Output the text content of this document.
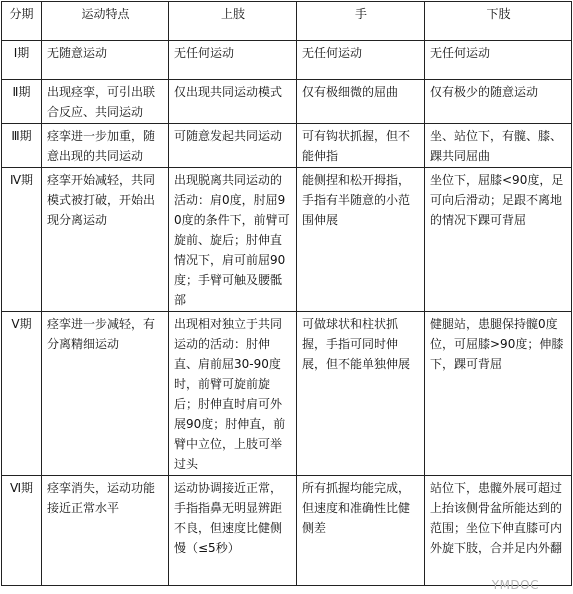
分期	运动特点	上肢	手	下肢
Ⅰ期	无随意运动	无任何运动	无任何运动	无任何运动
Ⅱ期	出现痉挛，可引出联合反应、共同运动	仅出现共同运动模式	仅有极细微的屈曲	仅有极少的随意运动
Ⅲ期	痉挛进一步加重，随意出现的共同运动	可随意发起共同运动	可有钩状抓握，但不能伸指	坐、站位下，有髋、膝、踝共同屈曲
Ⅳ期	痉挛开始减轻，共同模式被打破，开始出现分离运动	出现脱离共同运动的活动：肩0度，肘屈90度的条件下，前臂可旋前、旋后；肘伸直情况下，肩可前屈90度；手臂可触及腰骶部	能侧捏和松开拇指，手指有半随意的小范围伸展	坐位下，屈膝<90度，足可向后滑动；足跟不离地的情况下踝可背屈
Ⅴ期	痉挛进一步减轻，有分离精细运动	出现相对独立于共同运动的活动：肘伸直、肩前屈30-90度时，前臂可旋前旋后；肘伸直时肩可外展90度；肘伸直，前臂中立位，上肢可举过头	可做球状和柱状抓握，手指可同时伸展，但不能单独伸展	健腿站，患腿保持髋0度位，可屈膝>90度；伸膝下，踝可背屈
Ⅵ期	痉挛消失，运动功能接近正常水平	运动协调接近正常，手指指鼻无明显辨距不良，但速度比健侧慢（≤5秒）	所有抓握均能完成，但速度和准确性比健侧差	站位下，患髋外展可超过上抬该侧骨盆所能达到的范围；坐位下伸直膝可内外旋下肢，合并足内外翻
YMDOC
